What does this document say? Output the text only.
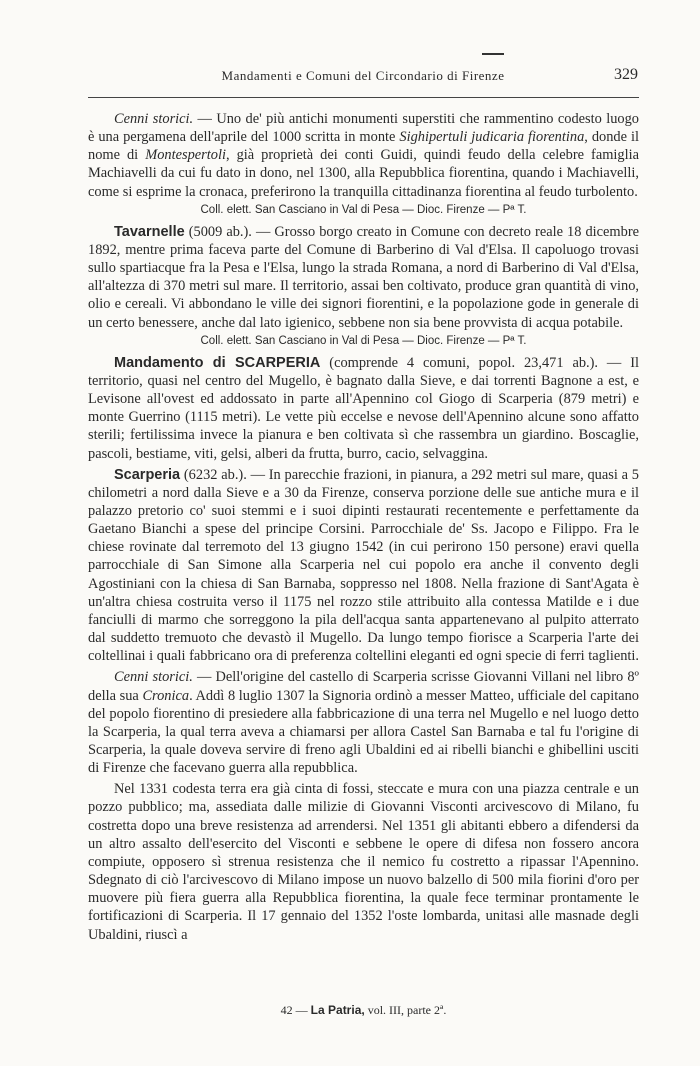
Mandamenti e Comuni del Circondario di Firenze	329

Cenni storici. — Uno de' più antichi monumenti superstiti che rammentino codesto luogo è una pergamena dell'aprile del 1000 scritta in monte Sighipertuli judicaria fiorentina, donde il nome di Montespertoli, già proprietà dei conti Guidi, quindi feudo della celebre famiglia Machiavelli da cui fu dato in dono, nel 1300, alla Repubblica fiorentina, quando i Machiavelli, come si esprime la cronaca, preferirono la tranquilla cittadinanza fiorentina al feudo turbolento.

Coll. elett. San Casciano in Val di Pesa — Dioc. Firenze — Pª T.

Tavarnelle (5009 ab.). — Grosso borgo creato in Comune con decreto reale 18 dicembre 1892, mentre prima faceva parte del Comune di Barberino di Val d'Elsa. Il capoluogo trovasi sullo spartiacque fra la Pesa e l'Elsa, lungo la strada Romana, a nord di Barberino di Val d'Elsa, all'altezza di 370 metri sul mare. Il territorio, assai ben coltivato, produce gran quantità di vino, olio e cereali. Vi abbondano le ville dei signori fiorentini, e la popolazione gode in generale di un certo benessere, anche dal lato igienico, sebbene non sia bene provvista di acqua potabile.

Coll. elett. San Casciano in Val di Pesa — Dioc. Firenze — Pª T.

Mandamento di SCARPERIA (comprende 4 comuni, popol. 23,471 ab.). — Il territorio, quasi nel centro del Mugello, è bagnato dalla Sieve, e dai torrenti Bagnone a est, e Levisone all'ovest ed addossato in parte all'Apennino col Giogo di Scarperia (879 metri) e monte Guerrino (1115 metri). Le vette più eccelse e nevose dell'Apennino alcune sono affatto sterili; fertilissima invece la pianura e ben coltivata sì che rassembra un giardino. Boscaglie, pascoli, bestiame, viti, gelsi, alberi da frutta, burro, cacio, selvaggina.

Scarperia (6232 ab.). — In parecchie frazioni, in pianura, a 292 metri sul mare, quasi a 5 chilometri a nord dalla Sieve e a 30 da Firenze, conserva porzione delle sue antiche mura e il palazzo pretorio co' suoi stemmi e i suoi dipinti restaurati recentemente e perfettamente da Gaetano Bianchi a spese del principe Corsini. Parrocchiale de' Ss. Jacopo e Filippo. Fra le chiese rovinate dal terremoto del 13 giugno 1542 (in cui perirono 150 persone) eravi quella parrocchiale di San Simone alla Scarperia nel cui popolo era anche il convento degli Agostiniani con la chiesa di San Barnaba, soppresso nel 1808. Nella frazione di Sant'Agata è un'altra chiesa costruita verso il 1175 nel rozzo stile attribuito alla contessa Matilde e i due fanciulli di marmo che sorreggono la pila dell'acqua santa appartenevano al pulpito atterrato dal suddetto tremuoto che devastò il Mugello. Da lungo tempo fiorisce a Scarperia l'arte dei coltellinai i quali fabbricano ora di preferenza coltellini eleganti ed ogni specie di ferri taglienti.

Cenni storici. — Dell'origine del castello di Scarperia scrisse Giovanni Villani nel libro 8º della sua Cronica. Addì 8 luglio 1307 la Signoria ordinò a messer Matteo, ufficiale del capitano del popolo fiorentino di presiedere alla fabbricazione di una terra nel Mugello e nel luogo detto la Scarperia, la qual terra aveva a chiamarsi per allora Castel San Barnaba e tal fu l'origine di Scarperia, la quale doveva servire di freno agli Ubaldini ed ai ribelli bianchi e ghibellini usciti di Firenze che facevano guerra alla repubblica.

Nel 1331 codesta terra era già cinta di fossi, steccate e mura con una piazza centrale e un pozzo pubblico; ma, assediata dalle milizie di Giovanni Visconti arcivescovo di Milano, fu costretta dopo una breve resistenza ad arrendersi. Nel 1351 gli abitanti ebbero a difendersi da un altro assalto dell'esercito del Visconti e sebbene le opere di difesa non fossero ancora compiute, opposero sì strenua resistenza che il nemico fu costretto a ripassar l'Apennino. Sdegnato di ciò l'arcivescovo di Milano impose un nuovo balzello di 500 mila fiorini d'oro per muovere più fiera guerra alla Repubblica fiorentina, la quale fece terminar prontamente le fortificazioni di Scarperia. Il 17 gennaio del 1352 l'oste lombarda, unitasi alle masnade degli Ubaldini, riuscì a

42 — La Patria, vol. III, parte 2ª.
